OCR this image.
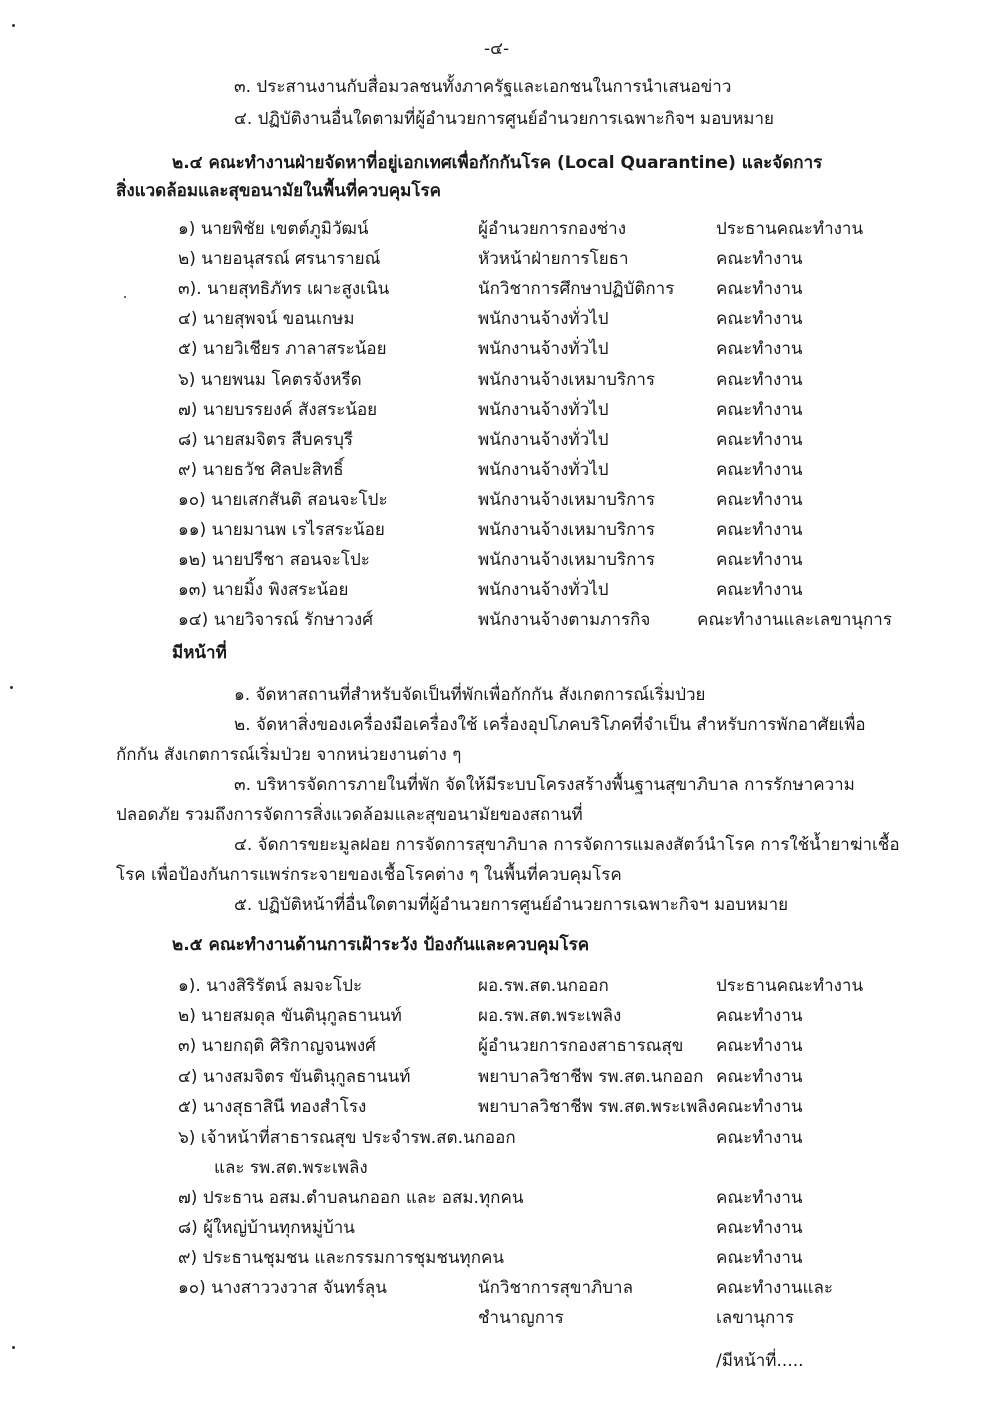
-๔-
๓. ประสานงานกับสื่อมวลชนทั้งภาครัฐและเอกชนในการนำเสนอข่าว
๔. ปฏิบัติงานอื่นใดตามที่ผู้อำนวยการศูนย์อำนวยการเฉพาะกิจฯ มอบหมาย
๒.๔ คณะทำงานฝ่ายจัดหาที่อยู่เอกเทศเพื่อกักกันโรค (Local Quarantine) และจัดการ
สิ่งแวดล้อมและสุขอนามัยในพื้นที่ควบคุมโรค
๑) นายพิชัย เขตต์ภูมิวัฒน์	ผู้อำนวยการกองช่าง	ประธานคณะทำงาน
๒) นายอนุสรณ์ ศรนารายณ์	หัวหน้าฝ่ายการโยธา	คณะทำงาน
๓). นายสุทธิภัทร เผาะสูงเนิน	นักวิชาการศึกษาปฏิบัติการ คณะทำงาน
๔) นายสุพจน์ ขอนเกษม	พนักงานจ้างทั่วไป	คณะทำงาน
๕) นายวิเชียร ภาลาสระน้อย	พนักงานจ้างทั่วไป	คณะทำงาน
๖) นายพนม โคตรจังหรีด	พนักงานจ้างเหมาบริการ	คณะทำงาน
๗) นายบรรยงค์ สังสระน้อย	พนักงานจ้างทั่วไป	คณะทำงาน
๘) นายสมจิตร สืบครบุรี	พนักงานจ้างทั่วไป	คณะทำงาน
๙) นายธวัช ศิลปะสิทธิ์	พนักงานจ้างทั่วไป	คณะทำงาน
๑๐) นายเสกสันติ สอนจะโปะ	พนักงานจ้างเหมาบริการ	คณะทำงาน
๑๑) นายมานพ เรไรสระน้อย	พนักงานจ้างเหมาบริการ	คณะทำงาน
๑๒) นายปรีชา สอนจะโปะ	พนักงานจ้างเหมาบริการ	คณะทำงาน
๑๓) นายมิ้ง พิงสระน้อย	พนักงานจ้างทั่วไป	คณะทำงาน
๑๔) นายวิจารณ์ รักษาวงศ์	พนักงานจ้างตามภารกิจ	คณะทำงานและเลขานุการ
มีหน้าที่
๑. จัดหาสถานที่สำหรับจัดเป็นที่พักเพื่อกักกัน สังเกตการณ์เริ่มป่วย
๒. จัดหาสิ่งของเครื่องมือเครื่องใช้ เครื่องอุปโภคบริโภคที่จำเป็น สำหรับการพักอาศัยเพื่อ
กักกัน สังเกตการณ์เริ่มป่วย จากหน่วยงานต่าง ๆ
๓. บริหารจัดการภายในที่พัก จัดให้มีระบบโครงสร้างพื้นฐานสุขาภิบาล การรักษาความ
ปลอดภัย รวมถึงการจัดการสิ่งแวดล้อมและสุขอนามัยของสถานที่
๔. จัดการขยะมูลฝอย การจัดการสุขาภิบาล การจัดการแมลงสัตว์นำโรค การใช้น้ำยาฆ่าเชื้อ
โรค เพื่อป้องกันการแพร่กระจายของเชื้อโรคต่าง ๆ ในพื้นที่ควบคุมโรค
๕. ปฏิบัติหน้าที่อื่นใดตามที่ผู้อำนวยการศูนย์อำนวยการเฉพาะกิจฯ มอบหมาย
๒.๕ คณะทำงานด้านการเฝ้าระวัง ป้องกันและควบคุมโรค
๑). นางสิริรัตน์ ลมจะโปะ	ผอ.รพ.สต.นกออก	ประธานคณะทำงาน
๒) นายสมดุล ขันตินุกูลธานนท์	ผอ.รพ.สต.พระเพลิง	คณะทำงาน
๓) นายกฤติ ศิริกาญจนพงศ์	ผู้อำนวยการกองสาธารณสุข คณะทำงาน
๔) นางสมจิตร ขันตินุกูลธานนท์	พยาบาลวิชาชีพ รพ.สต.นกออก คณะทำงาน
๕) นางสุธาสินี ทองสำโรง	พยาบาลวิชาชีพ รพ.สต.พระเพลิง คณะทำงาน
๖) เจ้าหน้าที่สาธารณสุข ประจำรพ.สต.นกออก	คณะทำงาน
และ รพ.สต.พระเพลิง
๗) ประธาน อสม.ตำบลนกออก และ อสม.ทุกคน	คณะทำงาน
๘) ผู้ใหญ่บ้านทุกหมู่บ้าน	คณะทำงาน
๙) ประธานชุมชน และกรรมการชุมชนทุกคน	คณะทำงาน
๑๐) นางสาววงวาส จันทร์ลุน	นักวิชาการสุขาภิบาล	คณะทำงานและ
ชำนาญการ	เลขานุการ
/มีหน้าที่.....
